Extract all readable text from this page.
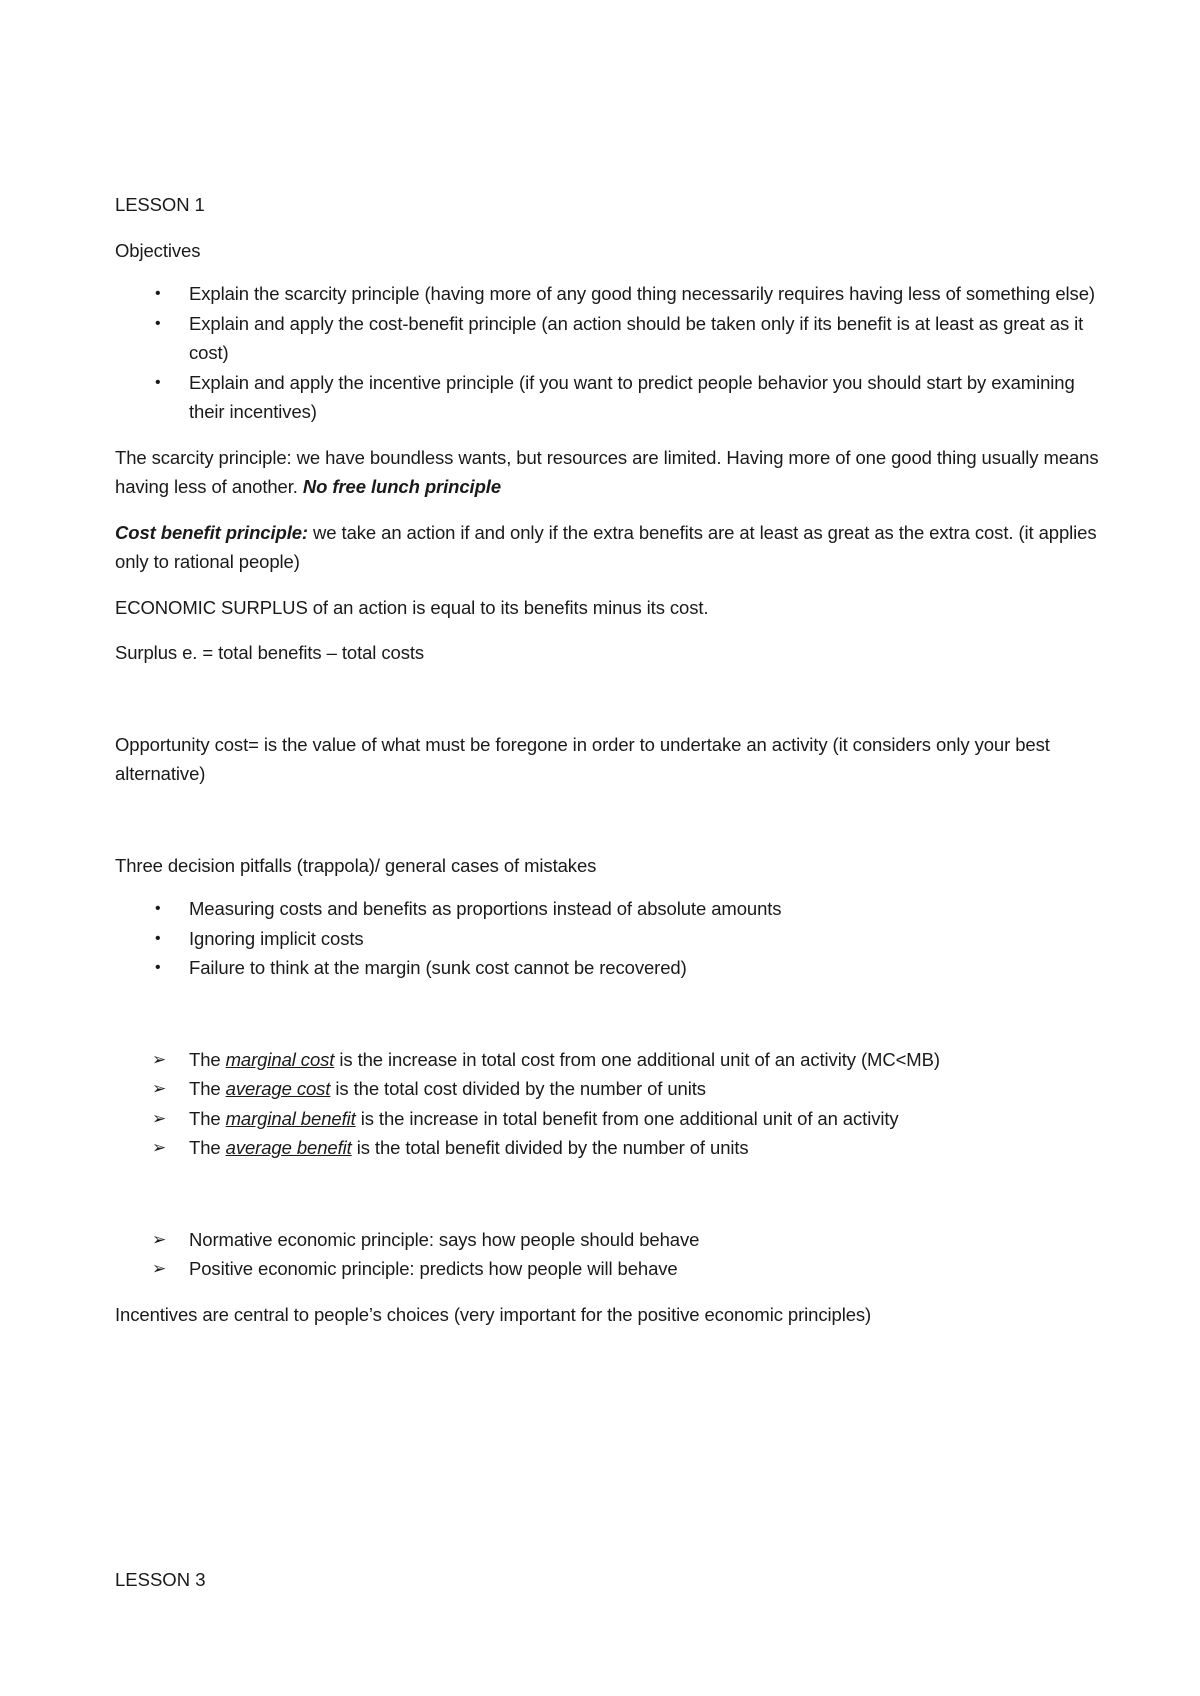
LESSON 1

Objectives

• Explain the scarcity principle (having more of any good thing necessarily requires having less of something else)
• Explain and apply the cost-benefit principle (an action should be taken only if its benefit is at least as great as it cost)
• Explain and apply the incentive principle (if you want to predict people behavior you should start by examining their incentives)

The scarcity principle: we have boundless wants, but resources are limited. Having more of one good thing usually means having less of another. No free lunch principle

Cost benefit principle: we take an action if and only if the extra benefits are at least as great as the extra cost. (it applies only to rational people)

ECONOMIC SURPLUS of an action is equal to its benefits minus its cost.

Surplus e. = total benefits – total costs

Opportunity cost= is the value of what must be foregone in order to undertake an activity (it considers only your best alternative)

Three decision pitfalls (trappola)/ general cases of mistakes

• Measuring costs and benefits as proportions instead of absolute amounts
• Ignoring implicit costs
• Failure to think at the margin (sunk cost cannot be recovered)
➢ The marginal cost is the increase in total cost from one additional unit of an activity (MC<MB)
➢ The average cost is the total cost divided by the number of units
➢ The marginal benefit is the increase in total benefit from one additional unit of an activity
➢ The average benefit is the total benefit divided by the number of units
➢ Normative economic principle: says how people should behave
➢ Positive economic principle: predicts how people will behave

Incentives are central to people’s choices (very important for the positive economic principles)

LESSON 3
